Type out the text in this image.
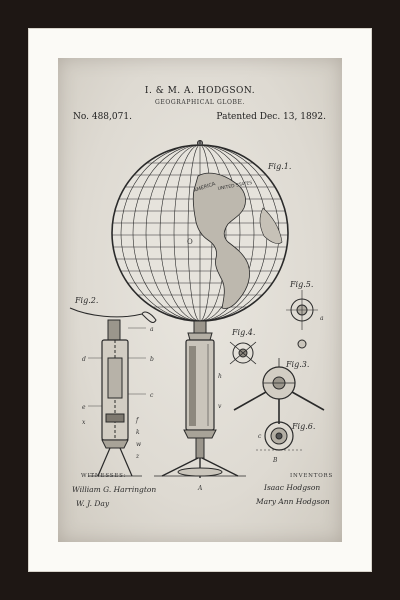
I. & M. A. HODGSON.
GEOGRAPHICAL GLOBE.
No. 488,071.	Patented Dec. 13, 1892.
AMERICA UNITED STATES
O
Fig.1.
Fig.2.
Fig.5.
Fig.4.
Fig.3.
Fig.6.
a
b
c
d
e
f
k
x
w
z
h
v
A
a
c
B
WITNESSES:	INVENTORS
William G. Harrington
W. J. Day
Isaac Hodgson
Mary Ann Hodgson
